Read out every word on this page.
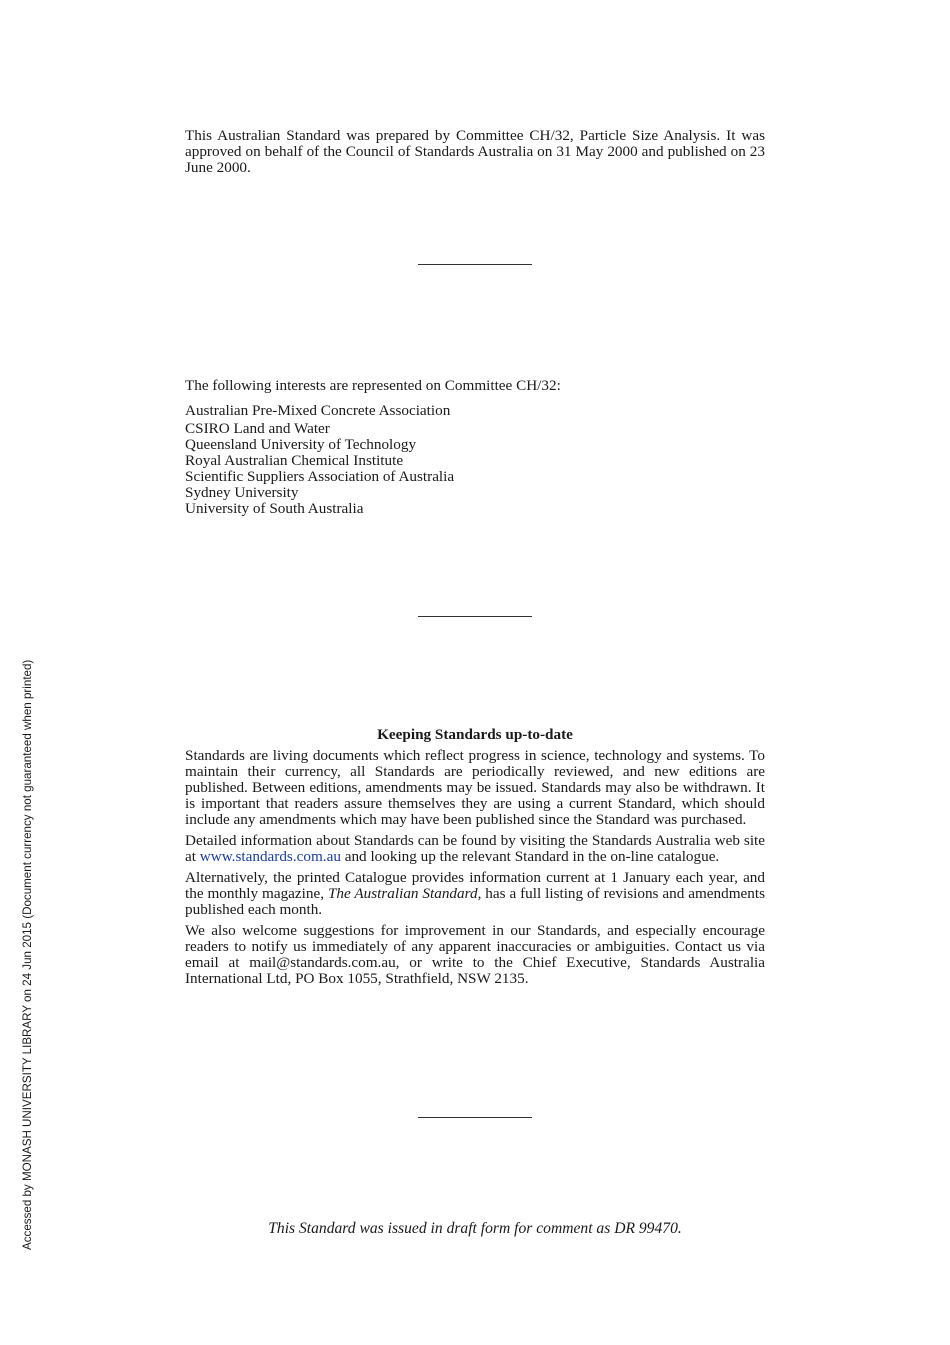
Accessed by MONASH UNIVERSITY LIBRARY on 24 Jun 2015 (Document currency not guaranteed when printed)
This Australian Standard was prepared by Committee CH/32, Particle Size Analysis. It was approved on behalf of the Council of Standards Australia on 31 May 2000 and published on 23 June 2000.
The following interests are represented on Committee CH/32:
Australian Pre-Mixed Concrete Association
CSIRO Land and Water
Queensland University of Technology
Royal Australian Chemical Institute
Scientific Suppliers Association of Australia
Sydney University
University of South Australia
Keeping Standards up-to-date

Standards are living documents which reflect progress in science, technology and systems. To maintain their currency, all Standards are periodically reviewed, and new editions are published. Between editions, amendments may be issued. Standards may also be withdrawn. It is important that readers assure themselves they are using a current Standard, which should include any amendments which may have been published since the Standard was purchased.

Detailed information about Standards can be found by visiting the Standards Australia web site at www.standards.com.au and looking up the relevant Standard in the on-line catalogue.

Alternatively, the printed Catalogue provides information current at 1 January each year, and the monthly magazine, The Australian Standard, has a full listing of revisions and amendments published each month.

We also welcome suggestions for improvement in our Standards, and especially encourage readers to notify us immediately of any apparent inaccuracies or ambiguities. Contact us via email at mail@standards.com.au, or write to the Chief Executive, Standards Australia International Ltd, PO Box 1055, Strathfield, NSW 2135.

This Standard was issued in draft form for comment as DR 99470.
